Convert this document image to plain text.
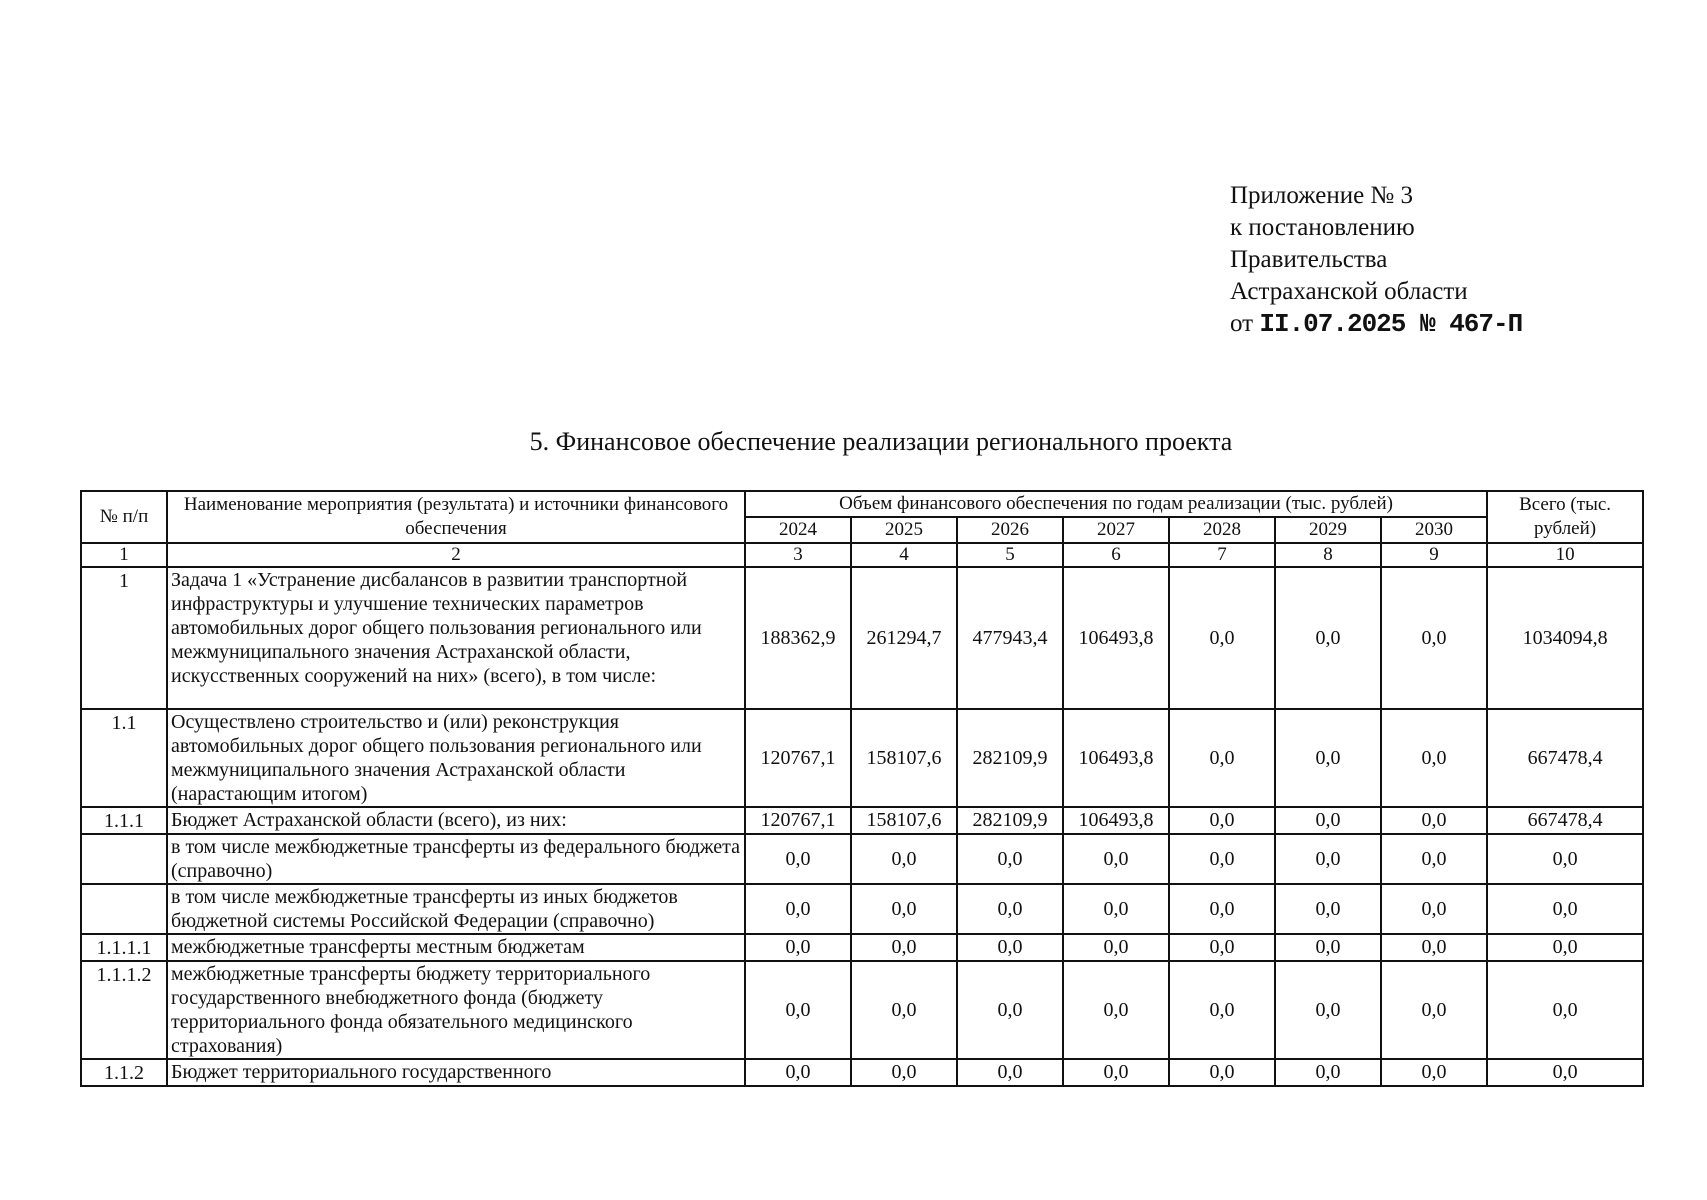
Приложение № 3
к постановлению
Правительства
Астраханской области
от II.07.2025 № 467-П
5. Финансовое обеспечение реализации регионального проекта
№ п/п	Наименование мероприятия (результата) и источники финансового обеспечения	Объем финансового обеспечения по годам реализации (тыс. рублей)							Всего (тыс. рублей)
		2024	2025	2026	2027	2028	2029	2030	
1	2	3	4	5	6	7	8	9	10
1	Задача 1 «Устранение дисбалансов в развитии транспортной инфраструктуры и улучшение технических параметров автомобильных дорог общего пользования регионального или межмуниципального значения Астраханской области, искусственных сооружений на них» (всего), в том числе:	188362,9	261294,7	477943,4	106493,8	0,0	0,0	0,0	1034094,8
1.1	Осуществлено строительство и (или) реконструкция автомобильных дорог общего пользования регионального или межмуниципального значения Астраханской области (нарастающим итогом)	120767,1	158107,6	282109,9	106493,8	0,0	0,0	0,0	667478,4
1.1.1	Бюджет Астраханской области (всего), из них:	120767,1	158107,6	282109,9	106493,8	0,0	0,0	0,0	667478,4
	в том числе межбюджетные трансферты из федерального бюджета (справочно)	0,0	0,0	0,0	0,0	0,0	0,0	0,0	0,0
	в том числе межбюджетные трансферты из иных бюджетов бюджетной системы Российской Федерации (справочно)	0,0	0,0	0,0	0,0	0,0	0,0	0,0	0,0
1.1.1.1	межбюджетные трансферты местным бюджетам	0,0	0,0	0,0	0,0	0,0	0,0	0,0	0,0
1.1.1.2	межбюджетные трансферты бюджету территориального государственного внебюджетного фонда (бюджету территориального фонда обязательного медицинского страхования)	0,0	0,0	0,0	0,0	0,0	0,0	0,0	0,0
1.1.2	Бюджет территориального государственного	0,0	0,0	0,0	0,0	0,0	0,0	0,0	0,0
